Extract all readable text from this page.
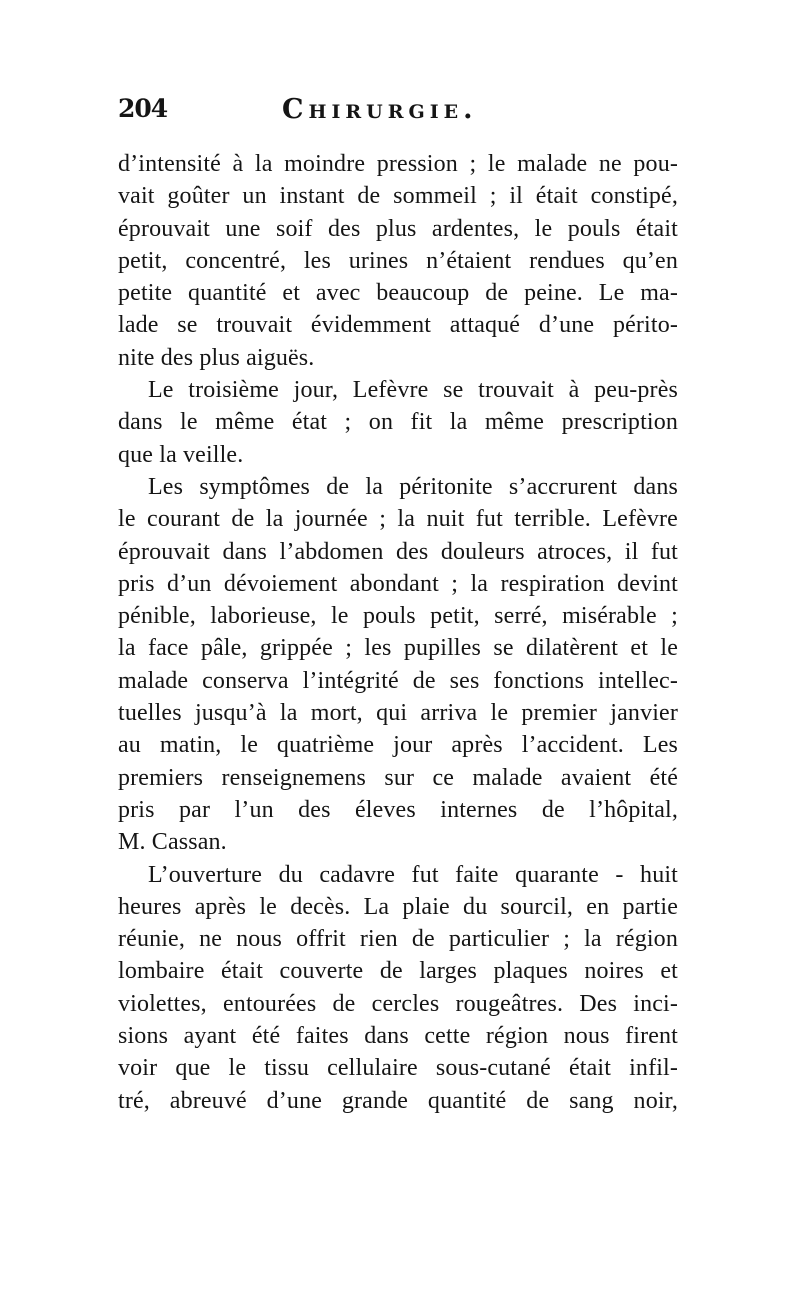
204	Chirurgie.
d’intensité à la moindre pression ; le malade ne pou-
vait goûter un instant de sommeil ; il était constipé,
éprouvait une soif des plus ardentes, le pouls était
petit, concentré, les urines n’étaient rendues qu’en
petite quantité et avec beaucoup de peine. Le ma-
lade se trouvait évidemment attaqué d’une périto-
nite des plus aiguës.
Le troisième jour, Lefèvre se trouvait à peu-près
dans le même état ; on fit la même prescription
que la veille.
Les symptômes de la péritonite s’accrurent dans
le courant de la journée ; la nuit fut terrible. Lefèvre
éprouvait dans l’abdomen des douleurs atroces, il fut
pris d’un dévoiement abondant ; la respiration devint
pénible, laborieuse, le pouls petit, serré, misérable ;
la face pâle, grippée ; les pupilles se dilatèrent et le
malade conserva l’intégrité de ses fonctions intellec-
tuelles jusqu’à la mort, qui arriva le premier janvier
au matin, le quatrième jour après l’accident. Les
premiers renseignemens sur ce malade avaient été
pris par l’un des éleves internes de l’hôpital,
M. Cassan.
L’ouverture du cadavre fut faite quarante - huit
heures après le decès. La plaie du sourcil, en partie
réunie, ne nous offrit rien de particulier ; la région
lombaire était couverte de larges plaques noires et
violettes, entourées de cercles rougeâtres. Des inci-
sions ayant été faites dans cette région nous firent
voir que le tissu cellulaire sous-cutané était infil-
tré, abreuvé d’une grande quantité de sang noir,
